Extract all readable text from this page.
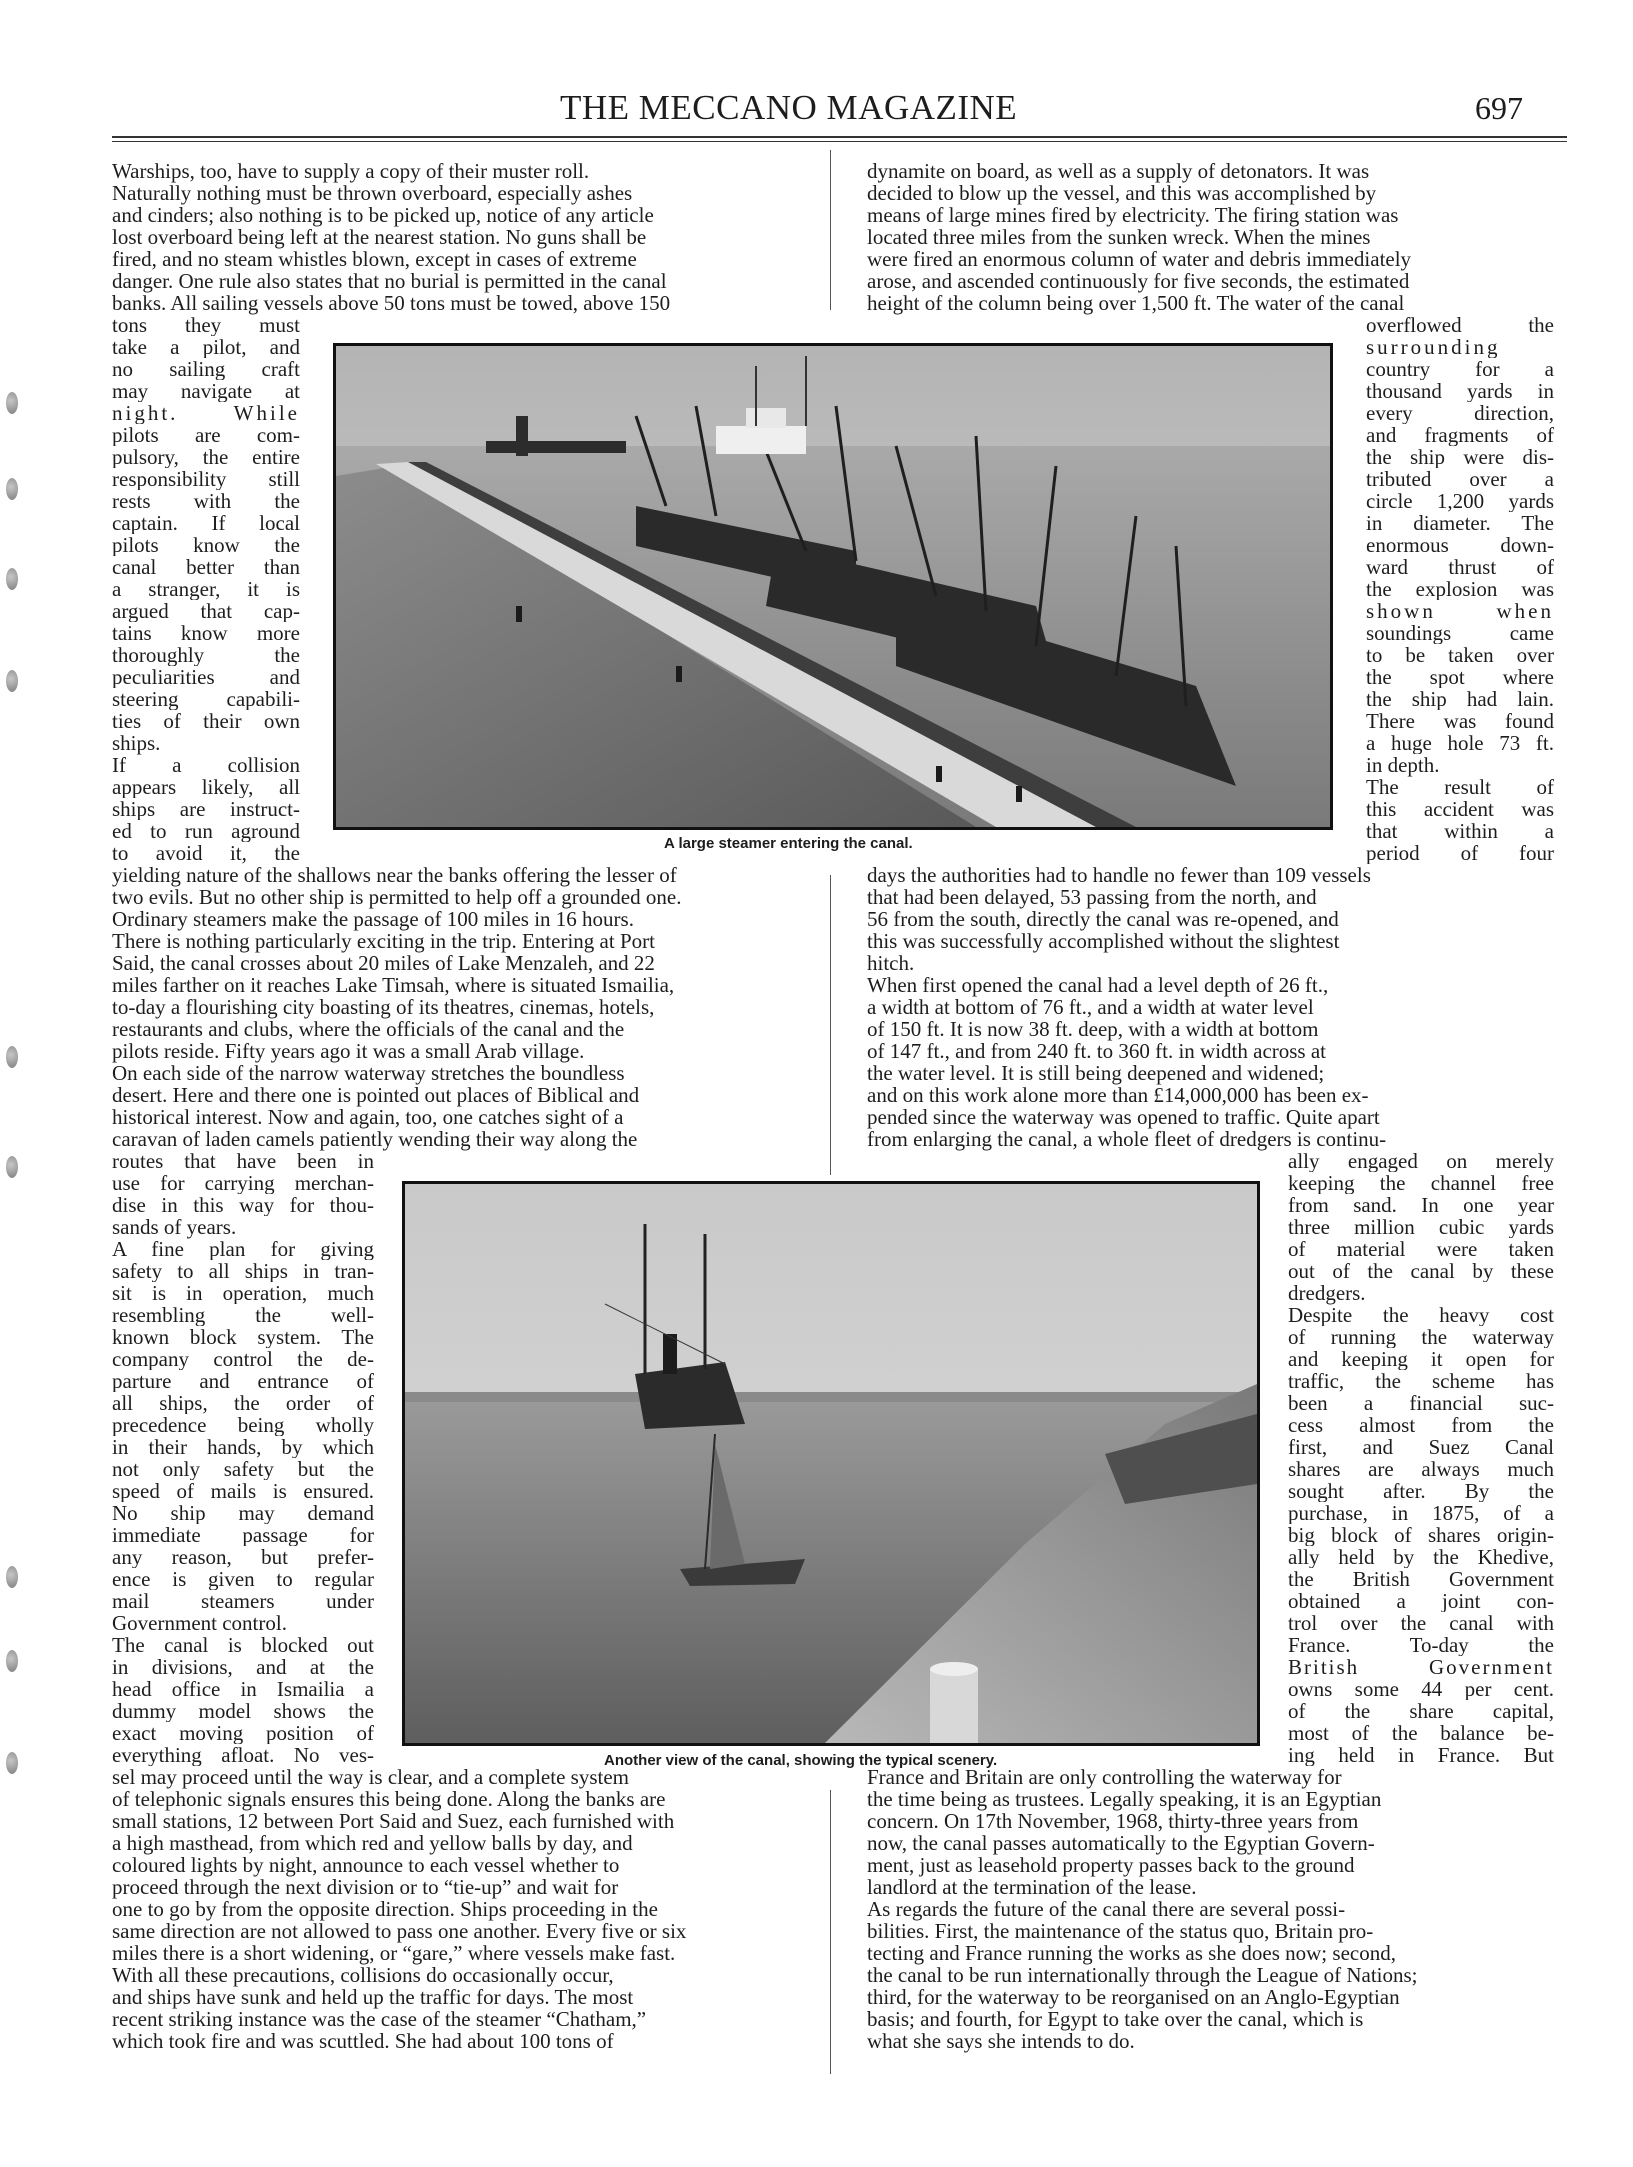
THE MECCANO MAGAZINE	697
A large steamer entering the canal.
Another view of the canal, showing the typical scenery.
Warships, too, have to supply a copy of their muster roll.
Naturally nothing must be thrown overboard, especially ashes
and cinders; also nothing is to be picked up, notice of any article
lost overboard being left at the nearest station. No guns shall be
fired, and no steam whistles blown, except in cases of extreme
danger. One rule also states that no burial is permitted in the canal
banks. All sailing vessels above 50 tons must be towed, above 150
tons they must
take a pilot, and
no sailing craft
may navigate at
night. While
pilots are com-
pulsory, the entire
responsibility still
rests with the
captain. If local
pilots know the
canal better than
a stranger, it is
argued that cap-
tains know more
thoroughly the
peculiarities and
steering capabili-
ties of their own
ships.
If a collision
appears likely, all
ships are instruct-
ed to run aground
to avoid it, the
yielding nature of the shallows near the banks offering the lesser of
two evils. But no other ship is permitted to help off a grounded one.
Ordinary steamers make the passage of 100 miles in 16 hours.
There is nothing particularly exciting in the trip. Entering at Port
Said, the canal crosses about 20 miles of Lake Menzaleh, and 22
miles farther on it reaches Lake Timsah, where is situated Ismailia,
to-day a flourishing city boasting of its theatres, cinemas, hotels,
restaurants and clubs, where the officials of the canal and the
pilots reside. Fifty years ago it was a small Arab village.
On each side of the narrow waterway stretches the boundless
desert. Here and there one is pointed out places of Biblical and
historical interest. Now and again, too, one catches sight of a
caravan of laden camels patiently wending their way along the
routes that have been in
use for carrying merchan-
dise in this way for thou-
sands of years.
A fine plan for giving
safety to all ships in tran-
sit is in operation, much
resembling the well-
known block system. The
company control the de-
parture and entrance of
all ships, the order of
precedence being wholly
in their hands, by which
not only safety but the
speed of mails is ensured.
No ship may demand
immediate passage for
any reason, but prefer-
ence is given to regular
mail steamers under
Government control.
The canal is blocked out
in divisions, and at the
head office in Ismailia a
dummy model shows the
exact moving position of
everything afloat. No ves-
sel may proceed until the way is clear, and a complete system
of telephonic signals ensures this being done. Along the banks are
small stations, 12 between Port Said and Suez, each furnished with
a high masthead, from which red and yellow balls by day, and
coloured lights by night, announce to each vessel whether to
proceed through the next division or to “tie-up” and wait for
one to go by from the opposite direction. Ships proceeding in the
same direction are not allowed to pass one another. Every five or six
miles there is a short widening, or “gare,” where vessels make fast.
With all these precautions, collisions do occasionally occur,
and ships have sunk and held up the traffic for days. The most
recent striking instance was the case of the steamer “Chatham,”
which took fire and was scuttled. She had about 100 tons of
dynamite on board, as well as a supply of detonators. It was
decided to blow up the vessel, and this was accomplished by
means of large mines fired by electricity. The firing station was
located three miles from the sunken wreck. When the mines
were fired an enormous column of water and debris immediately
arose, and ascended continuously for five seconds, the estimated
height of the column being over 1,500 ft. The water of the canal
overflowed the
surrounding
country for a
thousand yards in
every direction,
and fragments of
the ship were dis-
tributed over a
circle 1,200 yards
in diameter. The
enormous down-
ward thrust of
the explosion was
shown when
soundings came
to be taken over
the spot where
the ship had lain.
There was found
a huge hole 73 ft.
in depth.
The result of
this accident was
that within a
period of four
days the authorities had to handle no fewer than 109 vessels
that had been delayed, 53 passing from the north, and
56 from the south, directly the canal was re-opened, and
this was successfully accomplished without the slightest
hitch.
When first opened the canal had a level depth of 26 ft.,
a width at bottom of 76 ft., and a width at water level
of 150 ft. It is now 38 ft. deep, with a width at bottom
of 147 ft., and from 240 ft. to 360 ft. in width across at
the water level. It is still being deepened and widened;
and on this work alone more than £14,000,000 has been ex-
pended since the waterway was opened to traffic. Quite apart
from enlarging the canal, a whole fleet of dredgers is continu-
ally engaged on merely
keeping the channel free
from sand. In one year
three million cubic yards
of material were taken
out of the canal by these
dredgers.
Despite the heavy cost
of running the waterway
and keeping it open for
traffic, the scheme has
been a financial suc-
cess almost from the
first, and Suez Canal
shares are always much
sought after. By the
purchase, in 1875, of a
big block of shares origin-
ally held by the Khedive,
the British Government
obtained a joint con-
trol over the canal with
France. To-day the
British Government
owns some 44 per cent.
of the share capital,
most of the balance be-
ing held in France. But
France and Britain are only controlling the waterway for
the time being as trustees. Legally speaking, it is an Egyptian
concern. On 17th November, 1968, thirty-three years from
now, the canal passes automatically to the Egyptian Govern-
ment, just as leasehold property passes back to the ground
landlord at the termination of the lease.
As regards the future of the canal there are several possi-
bilities. First, the maintenance of the status quo, Britain pro-
tecting and France running the works as she does now; second,
the canal to be run internationally through the League of Nations;
third, for the waterway to be reorganised on an Anglo-Egyptian
basis; and fourth, for Egypt to take over the canal, which is
what she says she intends to do.
